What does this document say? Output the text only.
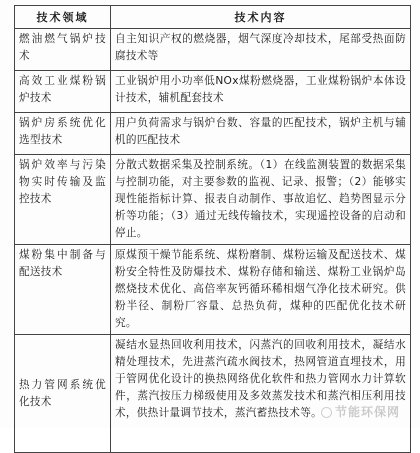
技术领域	技术内容
燃油燃气锅炉技术	自主知识产权的燃烧器，烟气深度冷却技术，尾部受热面防腐技术等
高效工业煤粉锅炉技术	工业锅炉用小功率低NOx煤粉燃烧器，工业煤粉锅炉本体设计技术，辅机配套技术
锅炉房系统优化选型技术	用户负荷需求与锅炉台数、容量的匹配技术，锅炉主机与辅机的匹配技术
锅炉效率与污染物实时传输及监控技术	分散式数据采集及控制系统。（1）在线监测装置的数据采集与控制功能，对主要参数的监视、记录、报警；（2）能够实现性能指标计算、报表自动制作、事故追忆、趋势图显示分析等功能；（3）通过无线传输技术，实现遥控设备的启动和停止。
煤粉集中制备与配送技术	原煤预干燥节能系统、煤粉磨制、煤粉运输及配送技术、煤粉安全特性及防爆技术、煤粉存储和输送、煤粉工业锅炉岛燃烧技术优化、高倍率灰钙循环稀相烟气净化技术研究。供粉半径、制粉厂容量、总热负荷，煤种的匹配优化技术研究。
热力管网系统优化技术	凝结水显热回收利用技术，闪蒸汽的回收利用技术，凝结水精处理技术，先进蒸汽疏水阀技术，热网管道直埋技术，用于管网优化设计的换热网络优化软件和热力管网水力计算软件，蒸汽按压力梯级使用及多效蒸发技术和蒸汽相压利用技术，供热计量调节技术，蒸汽蓄热技术等。	节能环保网
